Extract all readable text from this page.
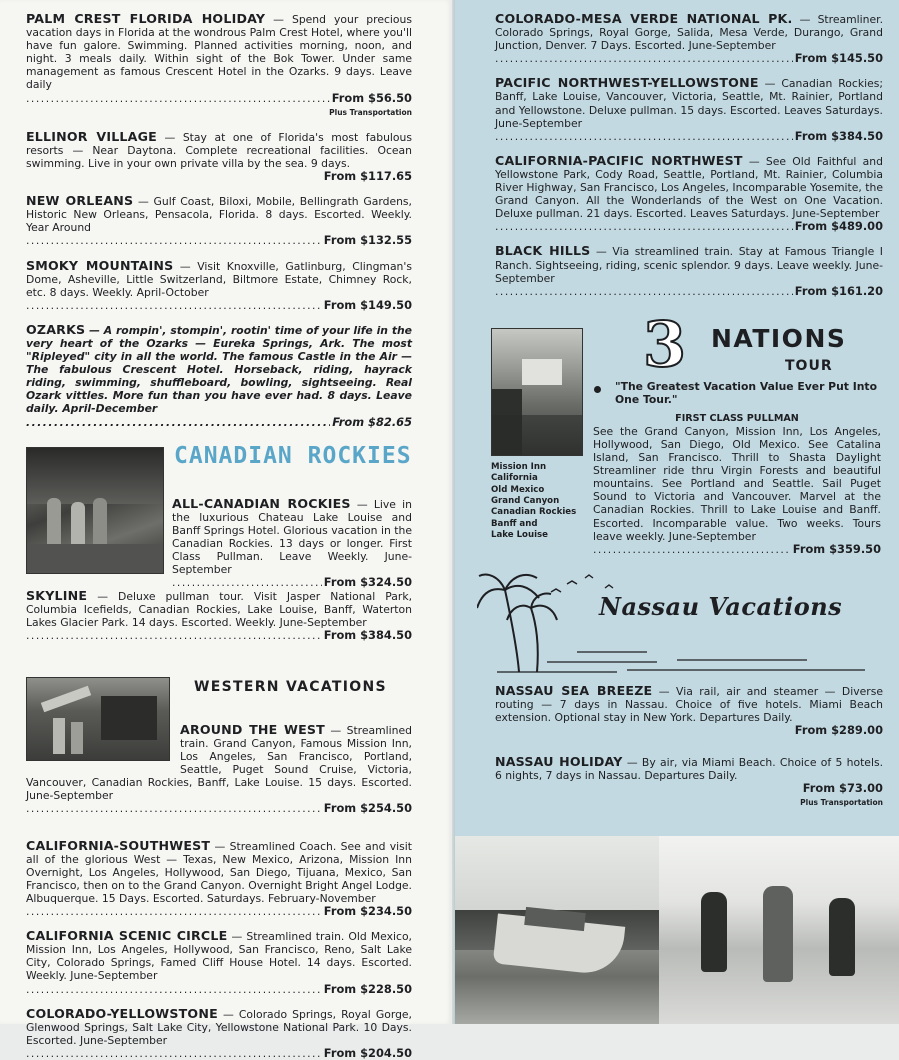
PALM CREST FLORIDA HOLIDAY — Spend your precious vacation days in Florida at the wondrous Palm Crest Hotel, where you'll have fun galore. Swimming. Planned activities morning, noon, and night. 3 meals daily. Within sight of the Bok Tower. Under same management as famous Crescent Hotel in the Ozarks. 9 days. Leave daily
.....
From $56.50
Plus Transportation
ELLINOR VILLAGE — Stay at one of Florida's most fabulous resorts — Near Daytona. Complete recreational facilities. Ocean swimming. Live in your own private villa by the sea. 9 days.
From $117.65
NEW ORLEANS — Gulf Coast, Biloxi, Mobile, Bellingrath Gardens, Historic New Orleans, Pensacola, Florida. 8 days. Escorted. Weekly. Year Around
.....
From $132.55
SMOKY MOUNTAINS — Visit Knoxville, Gatlinburg, Clingman's Dome, Asheville, Little Switzerland, Biltmore Estate, Chimney Rock, etc. 8 days. Weekly. April-October
.....
From $149.50
OZARKS — A rompin', stompin', rootin' time of your life in the very heart of the Ozarks — Eureka Springs, Ark. The most "Ripleyed" city in all the world. The famous Castle in the Air — The fabulous Crescent Hotel. Horseback, riding, hayrack riding, swimming, shuffleboard, bowling, sightseeing. Real Ozark vittles. More fun than you have ever had. 8 days. Leave daily. April-December
.....
From $82.65
CANADIAN ROCKIES
ALL-CANADIAN ROCKIES — Live in the luxurious Chateau Lake Louise and Banff Springs Hotel. Glorious vacation in the Canadian Rockies. 13 days or longer. First Class Pullman. Leave Weekly. June-September
.....
From $324.50
SKYLINE — Deluxe pullman tour. Visit Jasper National Park, Columbia Icefields, Canadian Rockies, Lake Louise, Banff, Waterton Lakes Glacier Park. 14 days. Escorted. Weekly. June-September
.....
From $384.50
WESTERN VACATIONS
AROUND THE WEST — Streamlined train. Grand Canyon, Famous Mission Inn, Los Angeles, San Francisco, Portland, Seattle, Puget Sound Cruise, Victoria, Vancouver, Canadian Rockies, Banff, Lake Louise. 15 days. Escorted. June-September
.....
From $254.50
CALIFORNIA-SOUTHWEST — Streamlined Coach. See and visit all of the glorious West — Texas, New Mexico, Arizona, Mission Inn Overnight, Los Angeles, Hollywood, San Diego, Tijuana, Mexico, San Francisco, then on to the Grand Canyon. Overnight Bright Angel Lodge. Albuquerque. 15 Days. Escorted. Saturdays. February-November
.....
From $234.50
CALIFORNIA SCENIC CIRCLE — Streamlined train. Old Mexico, Mission Inn, Los Angeles, Hollywood, San Francisco, Reno, Salt Lake City, Colorado Springs, Famed Cliff House Hotel. 14 days. Escorted. Weekly. June-September
.....
From $228.50
COLORADO-YELLOWSTONE — Colorado Springs, Royal Gorge, Glenwood Springs, Salt Lake City, Yellowstone National Park. 10 Days. Escorted. June-September
.....
From $204.50
COLORADO-MESA VERDE NATIONAL PK. — Streamliner. Colorado Springs, Royal Gorge, Salida, Mesa Verde, Durango, Grand Junction, Denver. 7 Days. Escorted. June-September
.....
From $145.50
PACIFIC NORTHWEST-YELLOWSTONE — Canadian Rockies; Banff, Lake Louise, Vancouver, Victoria, Seattle, Mt. Rainier, Portland and Yellowstone. Deluxe pullman. 15 days. Escorted. Leaves Saturdays. June-September
.....
From $384.50
CALIFORNIA-PACIFIC NORTHWEST — See Old Faithful and Yellowstone Park, Cody Road, Seattle, Portland, Mt. Rainier, Columbia River Highway, San Francisco, Los Angeles, Incomparable Yosemite, the Grand Canyon. All the Wonderlands of the West on One Vacation. Deluxe pullman. 21 days. Escorted. Leaves Saturdays. June-September
.....
From $489.00
BLACK HILLS — Via streamlined train. Stay at Famous Triangle I Ranch. Sightseeing, riding, scenic splendor. 9 days. Leave weekly. June-September
.....
From $161.20
Mission Inn
California
Old Mexico
Grand Canyon
Canadian Rockies
Banff and
Lake Louise
3 NATIONS
TOUR
"The Greatest Vacation Value Ever Put Into One Tour."
FIRST CLASS PULLMAN
See the Grand Canyon, Mission Inn, Los Angeles, Hollywood, San Diego, Old Mexico. See Catalina Island, San Francisco. Thrill to Shasta Daylight Streamliner ride thru Virgin Forests and beautiful mountains. See Portland and Seattle. Sail Puget Sound to Victoria and Vancouver. Marvel at the Canadian Rockies. Thrill to Lake Louise and Banff. Escorted. Incomparable value. Two weeks. Tours leave weekly. June-September
.....
From $359.50
Nassau Vacations
NASSAU SEA BREEZE — Via rail, air and steamer — Diverse routing — 7 days in Nassau. Choice of five hotels. Miami Beach extension. Optional stay in New York. Departures Daily.
From $289.00
NASSAU HOLIDAY — By air, via Miami Beach. Choice of 5 hotels. 6 nights, 7 days in Nassau. Departures Daily.
From $73.00
Plus Transportation
